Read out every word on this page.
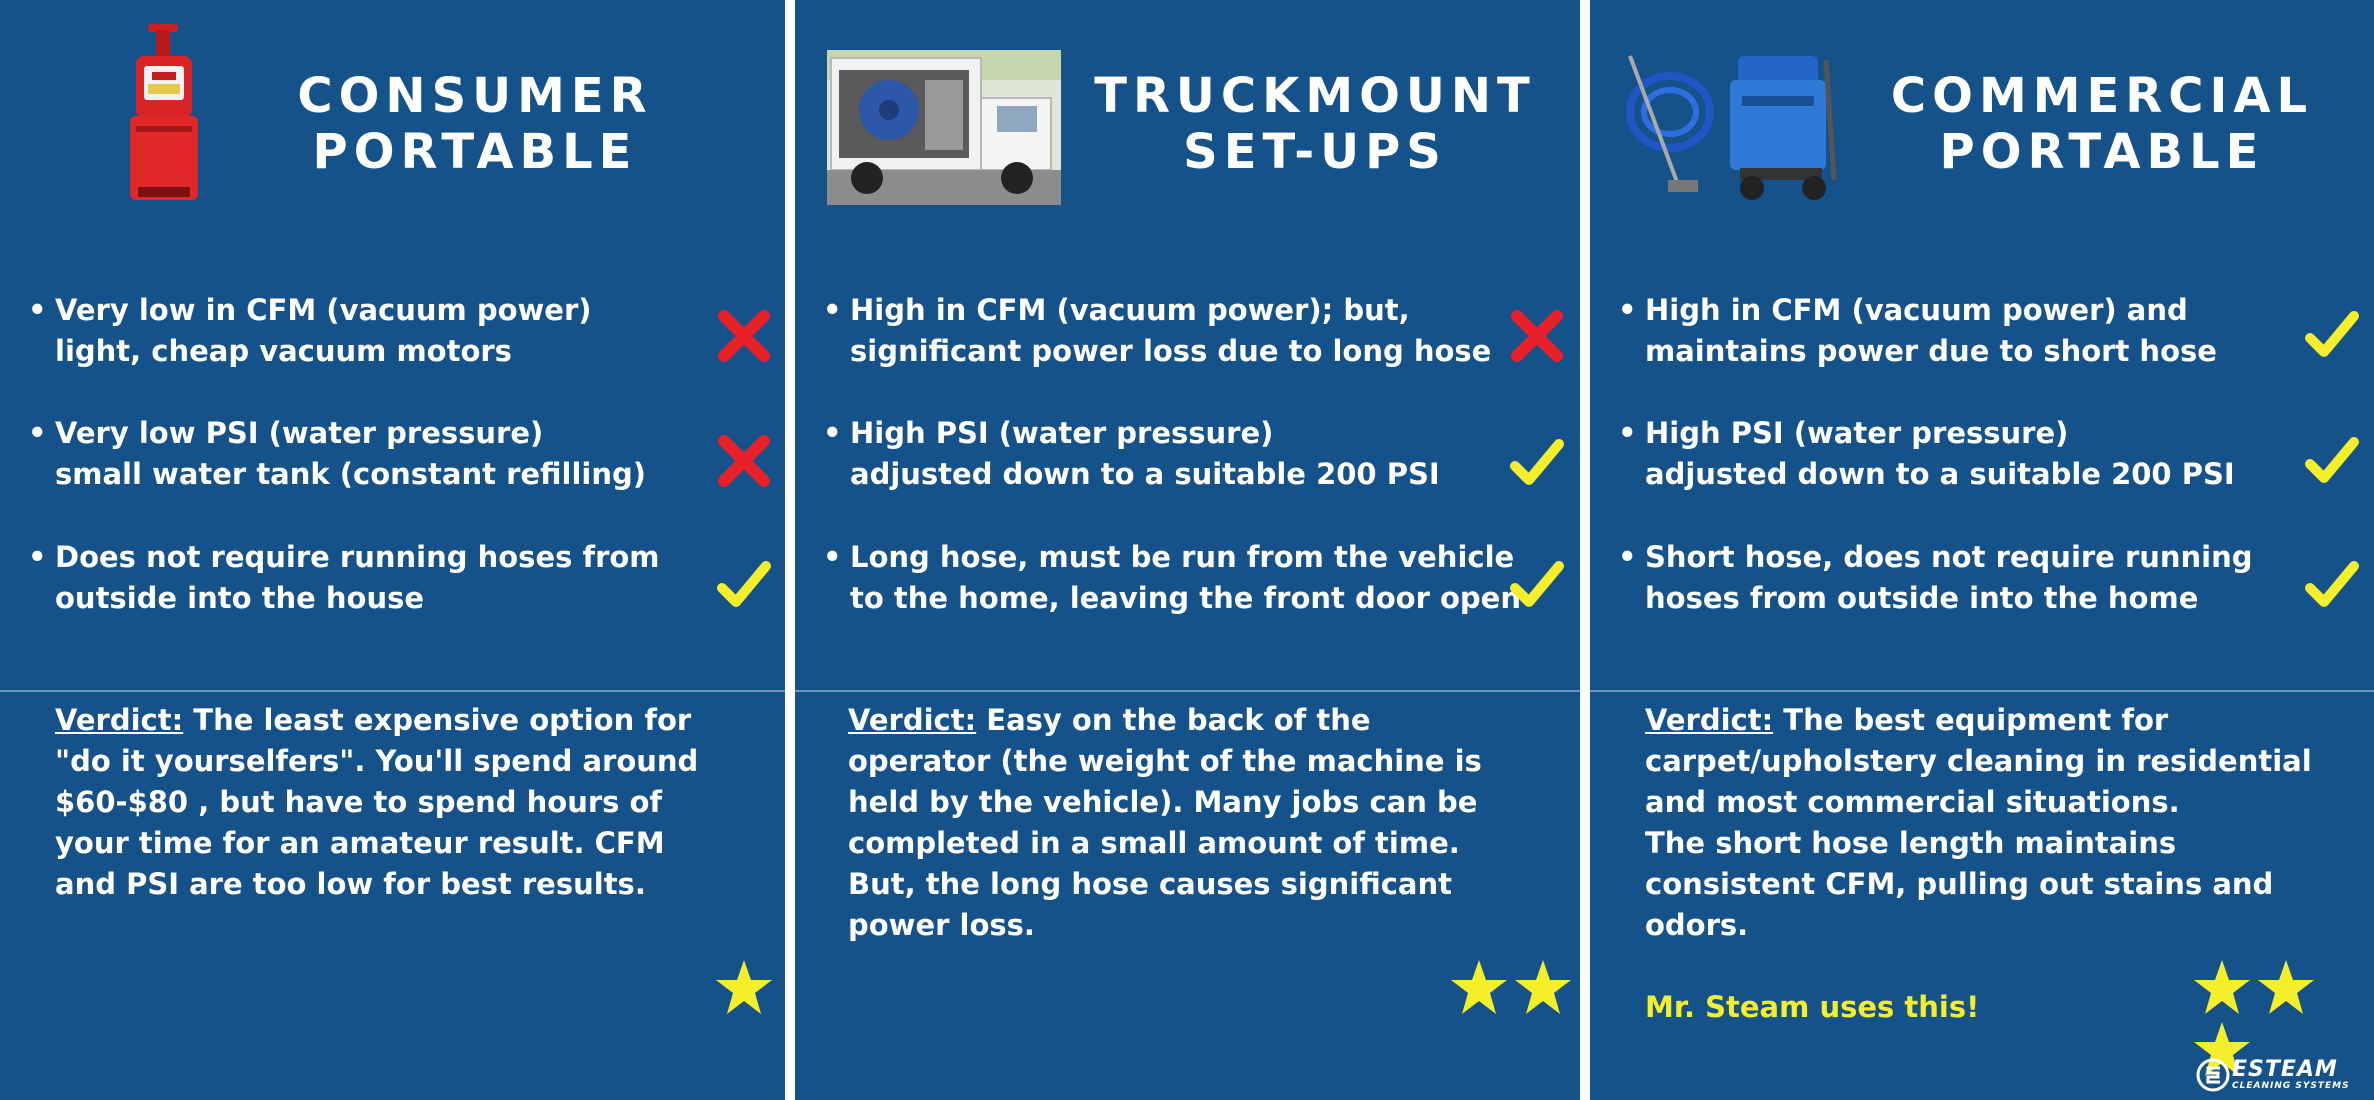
CONSUMER
PORTABLE
• Very low in CFM (vacuum power)
light, cheap vacuum motors
• Very low PSI (water pressure)
small water tank (constant refilling)
• Does not require running hoses from
outside into the house
Verdict: The least expensive option for
"do it yourselfers". You'll spend around
$60-$80 , but have to spend hours of
your time for an amateur result. CFM
and PSI are too low for best results.
TRUCKMOUNT
SET-UPS
• High in CFM (vacuum power); but,
significant power loss due to long hose
• High PSI (water pressure)
adjusted down to a suitable 200 PSI
• Long hose, must be run from the vehicle
to the home, leaving the front door open
Verdict: Easy on the back of the
operator (the weight of the machine is
held by the vehicle). Many jobs can be
completed in a small amount of time.
But, the long hose causes significant
power loss.
COMMERCIAL
PORTABLE
• High in CFM (vacuum power) and
maintains power due to short hose
• High PSI (water pressure)
adjusted down to a suitable 200 PSI
• Short hose, does not require running
hoses from outside into the home
Verdict: The best equipment for
carpet/upholstery cleaning in residential
and most commercial situations.
The short hose length maintains
consistent CFM, pulling out stains and
odors.
Mr. Steam uses this!
ESTEAM
CLEANING SYSTEMS
